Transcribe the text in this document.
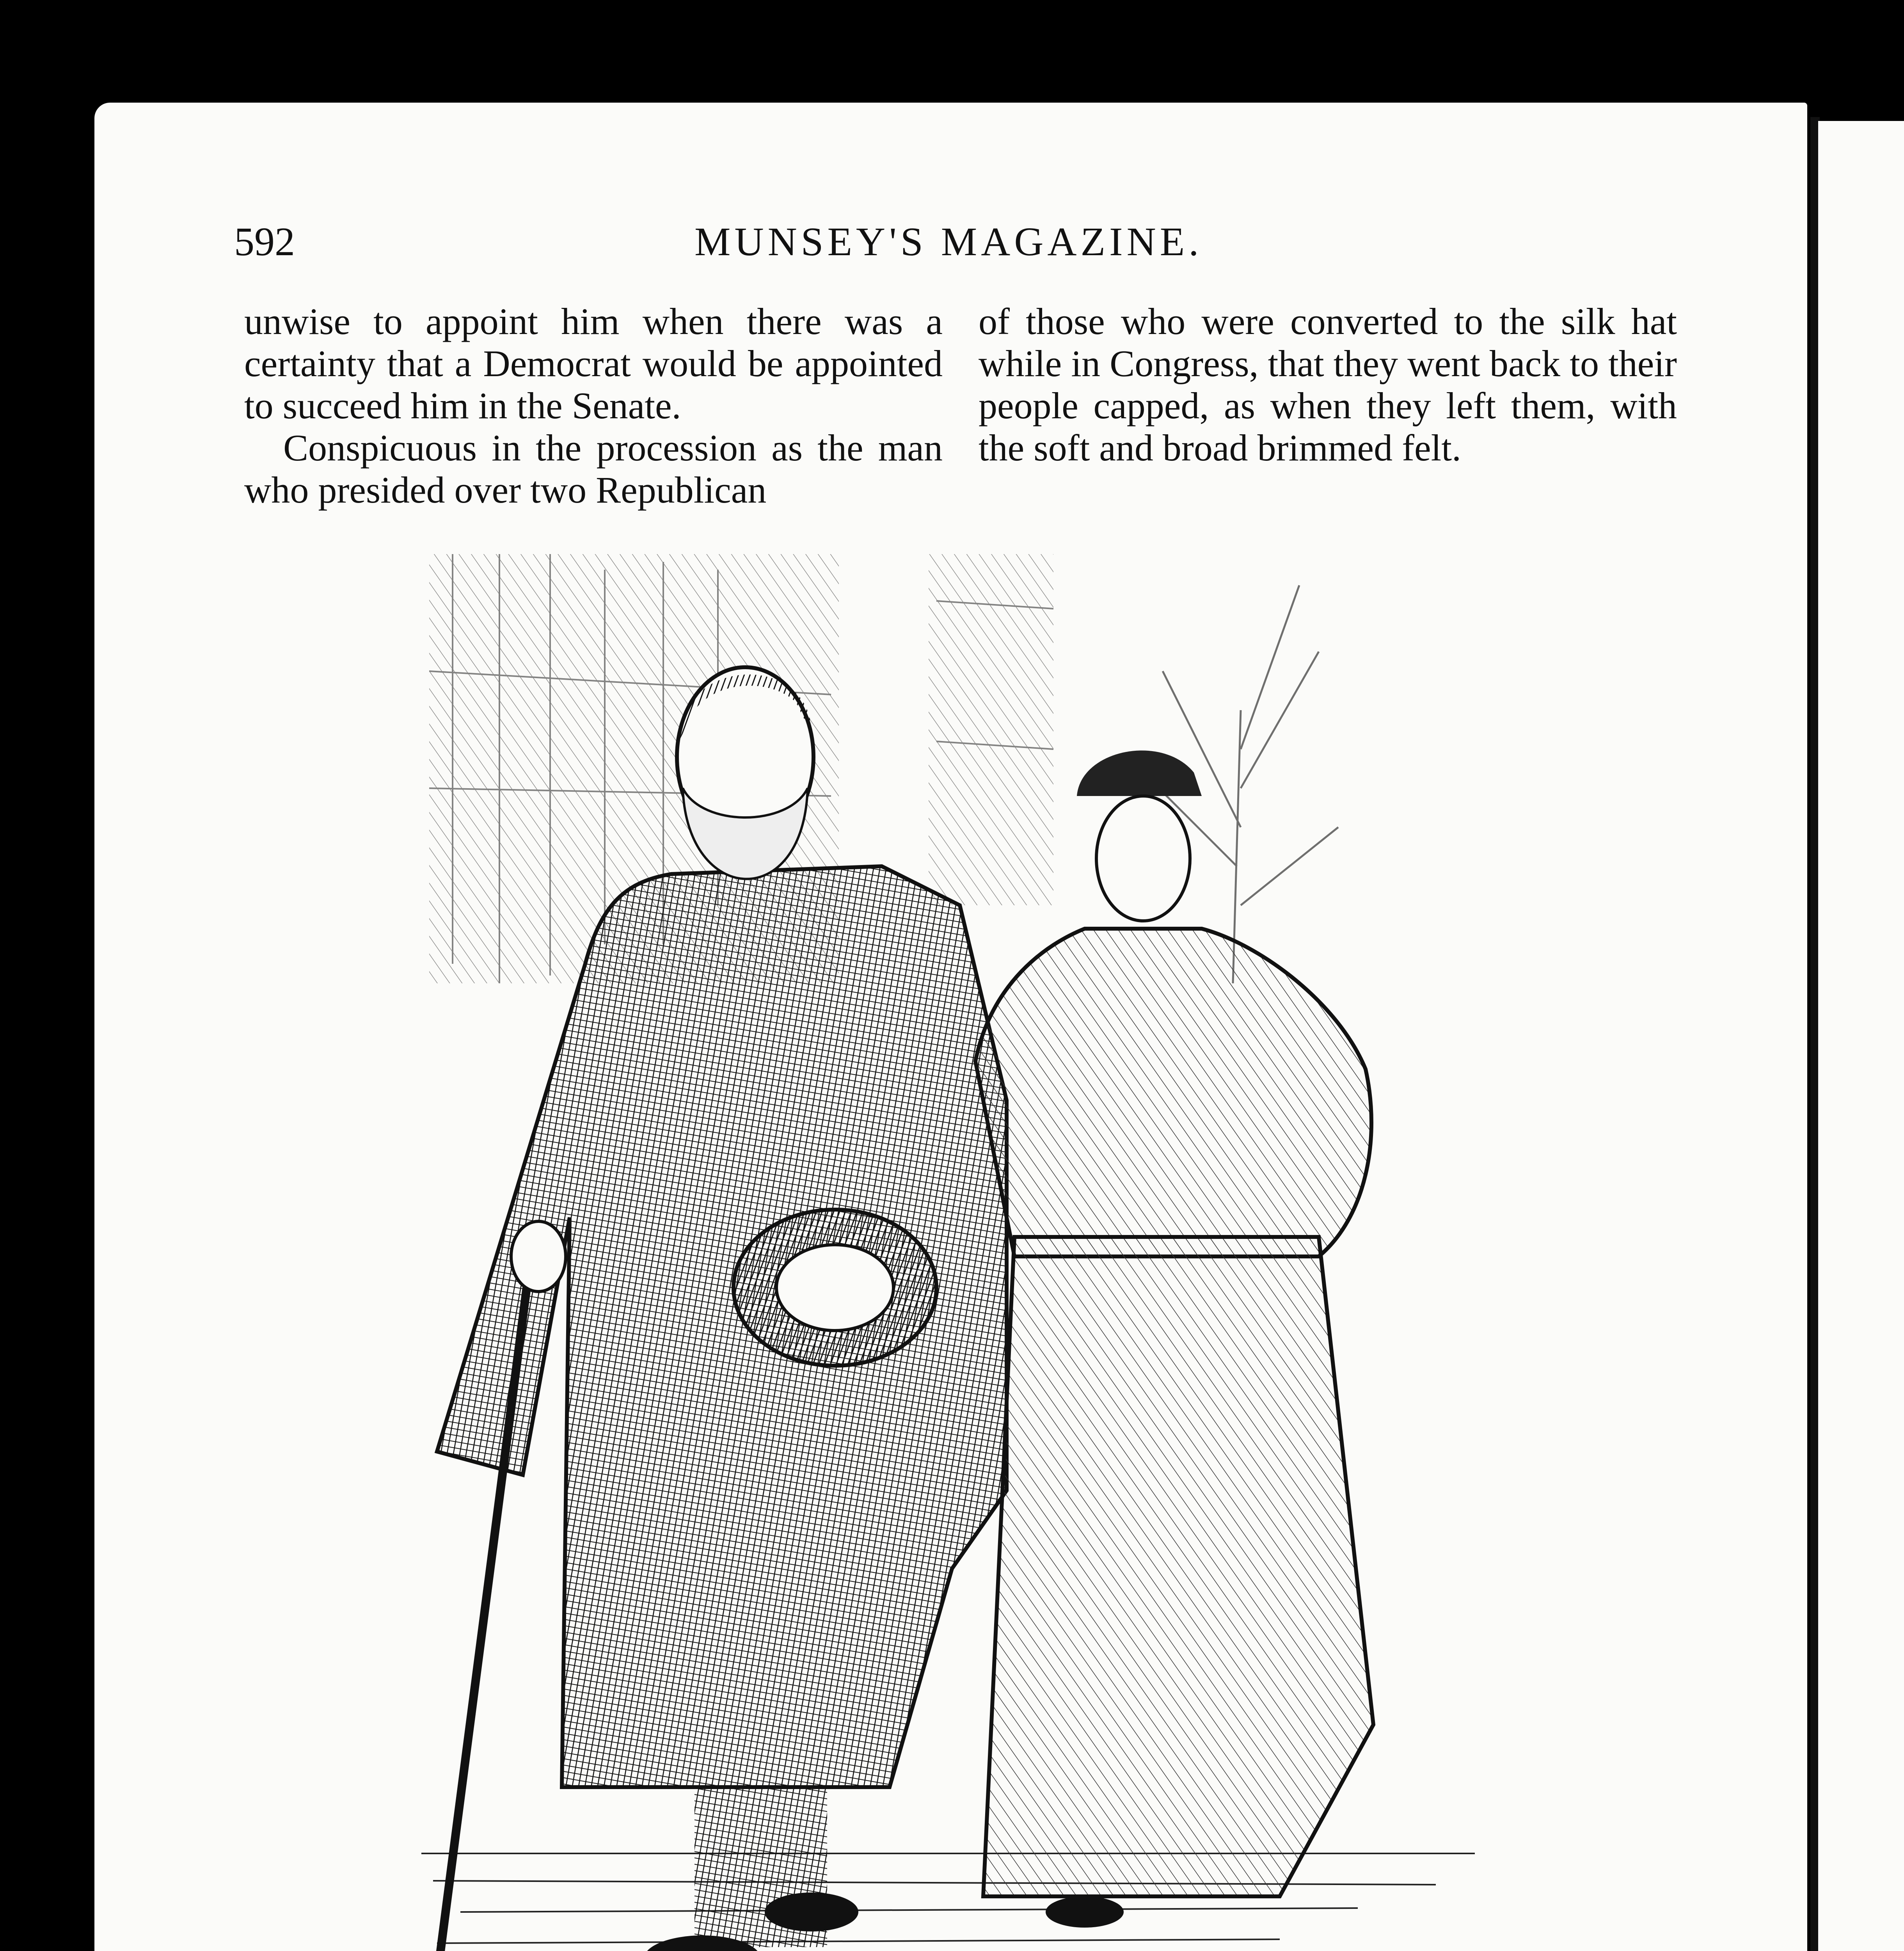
592	MUNSEY'S MAGAZINE.

unwise to appoint him when there was a certainty that a Democrat would be appointed to succeed him in the Senate.

Conspicuous in the procession as the man who presided over two Republican

of those who were converted to the silk hat while in Congress, that they went back to their people capped, as when they left them, with the soft and broad brimmed felt.
